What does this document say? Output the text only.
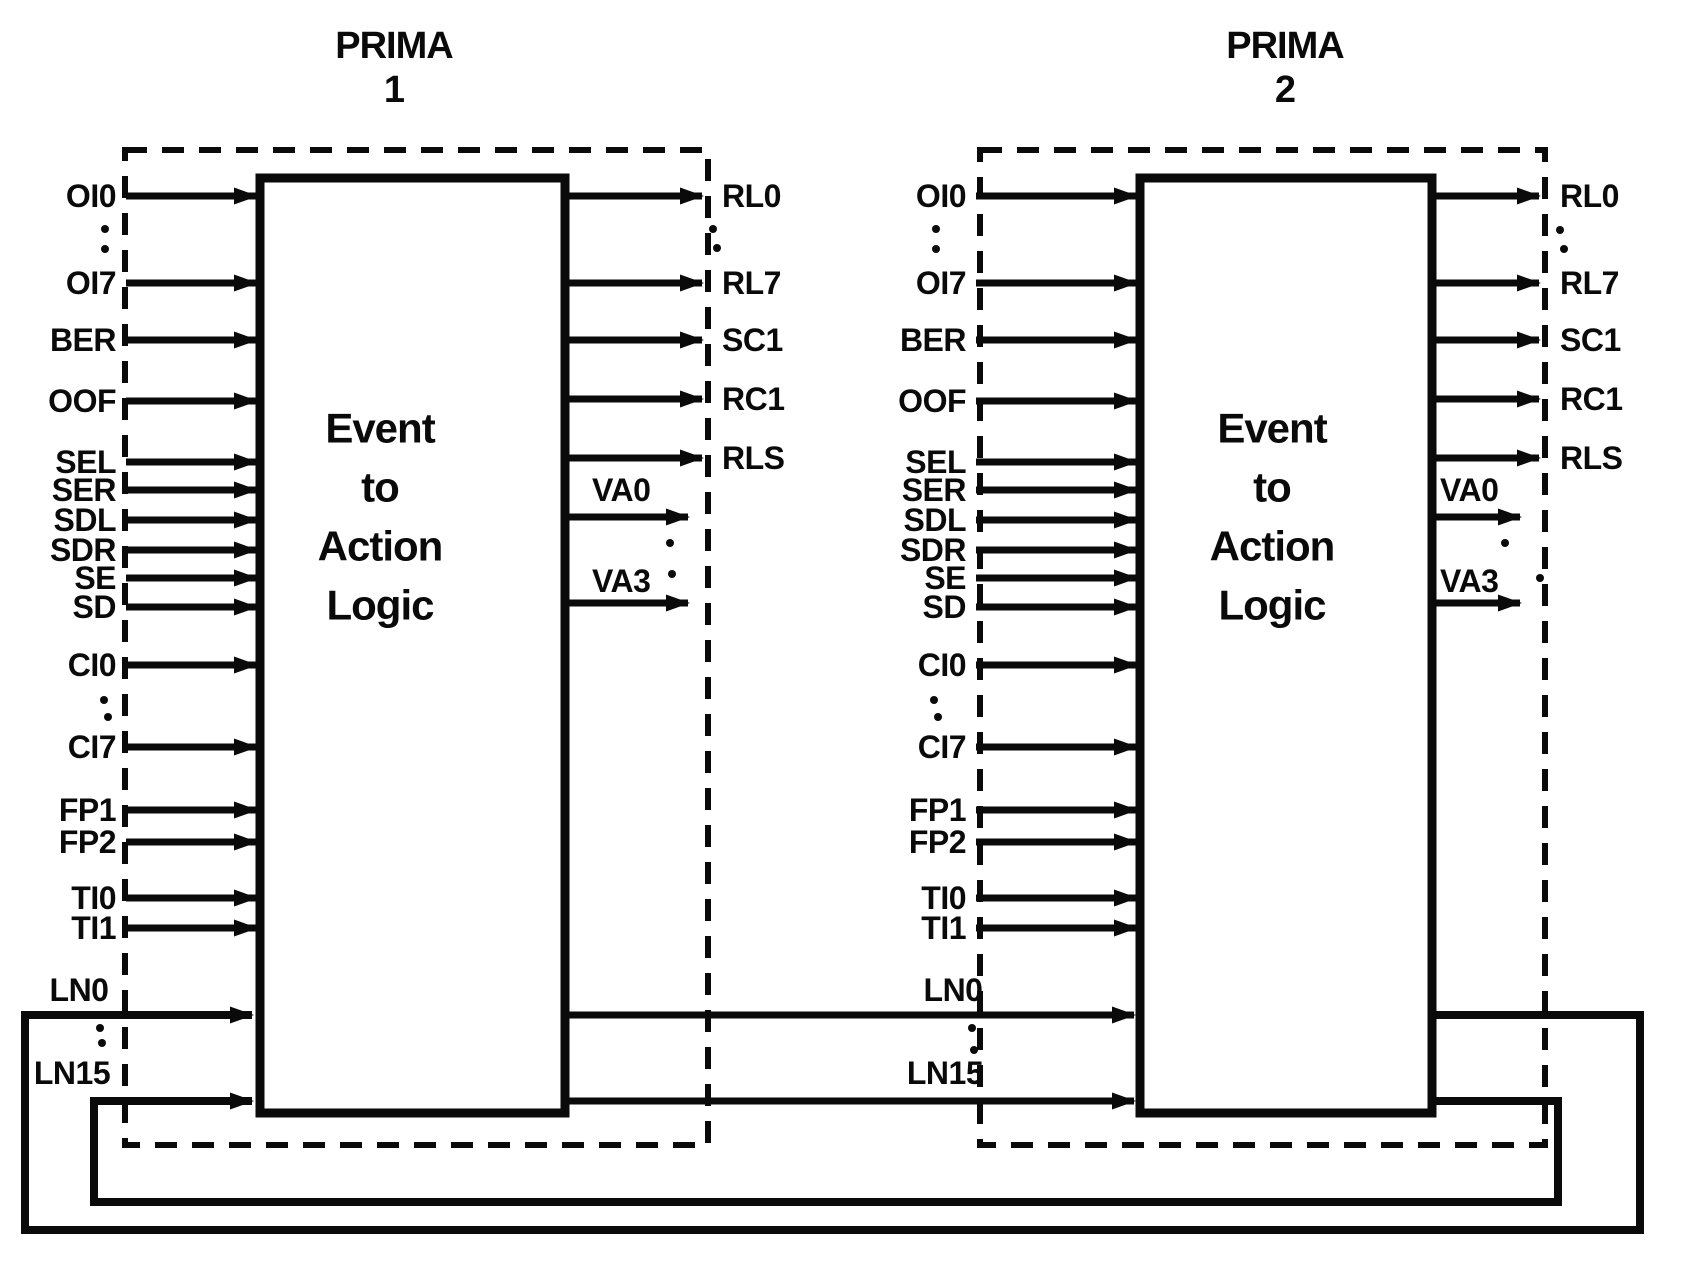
PRIMA
1
Event
to
Action
Logic
OI0
OI7
BER
OOF
SEL
SER
SDL
SDR
SE
SD
CI0
CI7
FP1
FP2
TI0
TI1
RL0
RL7
SC1
RC1
RLS
VA0
VA3
PRIMA
2
Event
to
Action
Logic
OI0
OI7
BER
OOF
SEL
SER
SDL
SDR
SE
SD
CI0
CI7
FP1
FP2
TI0
TI1
RL0
RL7
SC1
RC1
RLS
VA0
VA3
LN0	LN0
LN15	LN15
